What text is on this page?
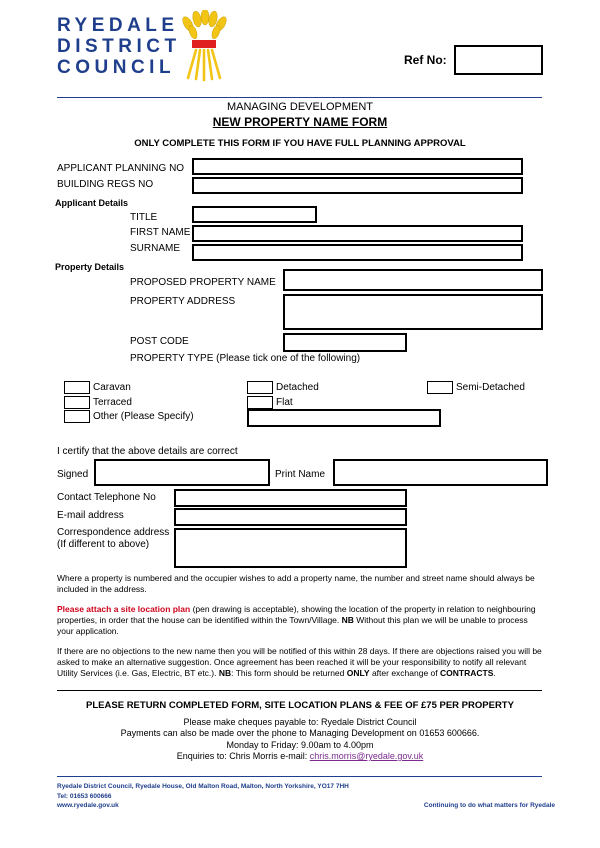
RYEDALE
DISTRICT
COUNCIL	Ref No:
MANAGING DEVELOPMENT
NEW PROPERTY NAME FORM
ONLY COMPLETE THIS FORM IF YOU HAVE FULL PLANNING APPROVAL
APPLICANT PLANNING NO
BUILDING REGS NO
Applicant Details
TITLE
FIRST NAME
SURNAME
Property Details
PROPOSED PROPERTY NAME
PROPERTY ADDRESS
POST CODE
PROPERTY TYPE (Please tick one of the following)
Caravan	Detached	Semi-Detached
Terraced	Flat
Other (Please Specify)
I certify that the above details are correct
Signed	Print Name
Contact Telephone No
E-mail address
Correspondence address
(If different to above)
Where a property is numbered and the occupier wishes to add a property name, the number and street name should always be included in the address.
Please attach a site location plan (pen drawing is acceptable), showing the location of the property in relation to neighbouring properties, in order that the house can be identified within the Town/Village. NB Without this plan we will be unable to process your application.
If there are no objections to the new name then you will be notified of this within 28 days. If there are objections raised you will be asked to make an alternative suggestion. Once agreement has been reached it will be your responsibility to notify all relevant Utility Services (i.e. Gas, Electric, BT etc.). NB: This form should be returned ONLY after exchange of CONTRACTS.
PLEASE RETURN COMPLETED FORM, SITE LOCATION PLANS & FEE OF £75 PER PROPERTY
Please make cheques payable to: Ryedale District Council
Payments can also be made over the phone to Managing Development on 01653 600666.
Monday to Friday: 9.00am to 4.00pm
Enquiries to: Chris Morris e-mail: chris.morris@ryedale.gov.uk
Ryedale District Council, Ryedale House, Old Malton Road, Malton, North Yorkshire, YO17 7HH
Tel: 01653 600666
www.ryedale.gov.uk	Continuing to do what matters for Ryedale
